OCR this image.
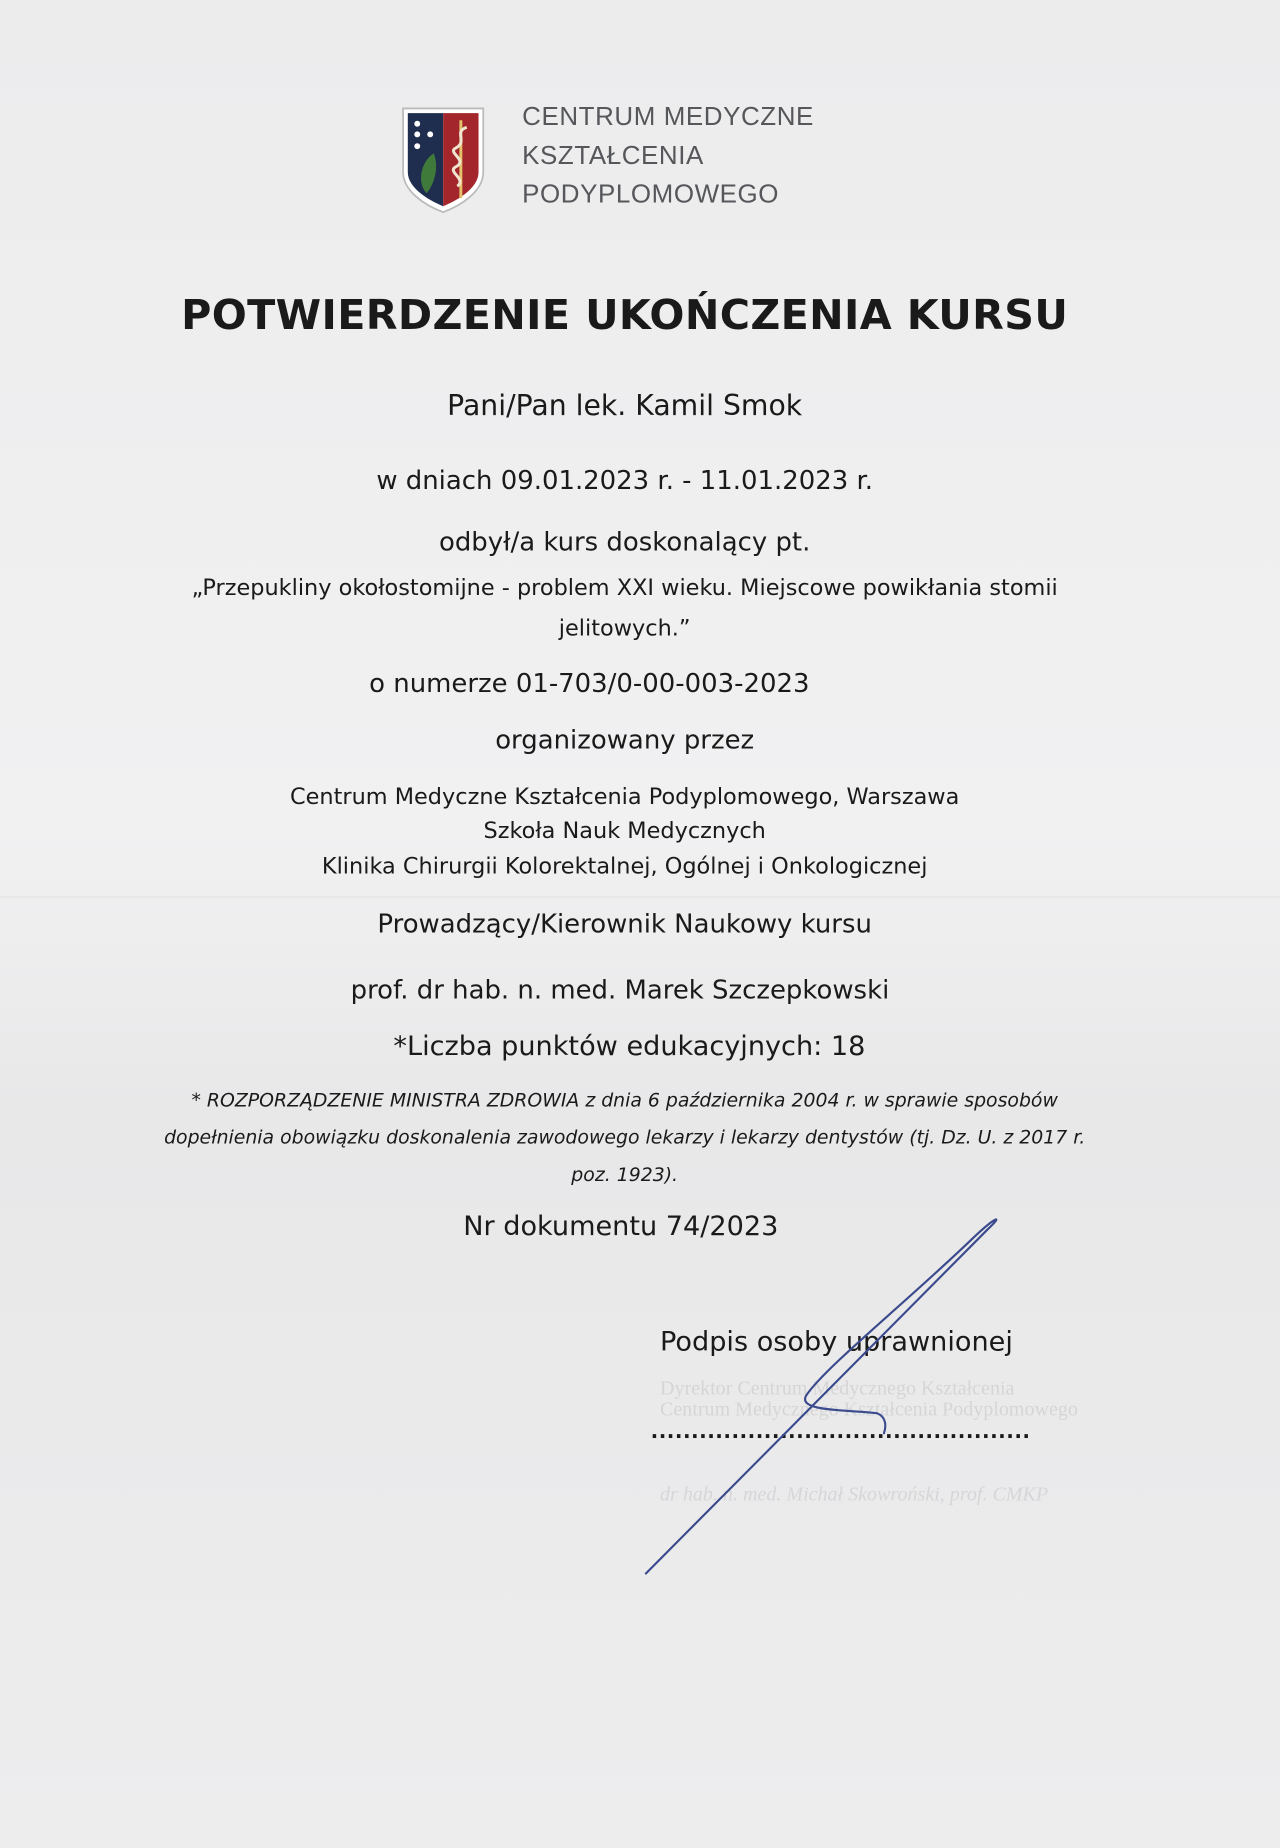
CENTRUM MEDYCZNE
KSZTAŁCENIA
PODYPLOMOWEGO
POTWIERDZENIE UKOŃCZENIA KURSU
Pani/Pan lek. Kamil Smok
w dniach 09.01.2023 r. - 11.01.2023 r.
odbył/a kurs doskonalący pt.
„Przepukliny okołostomijne - problem XXI wieku. Miejscowe powikłania stomii
jelitowych.”
o numerze 01-703/0-00-003-2023
organizowany przez
Centrum Medyczne Kształcenia Podyplomowego, Warszawa
Szkoła Nauk Medycznych
Klinika Chirurgii Kolorektalnej, Ogólnej i Onkologicznej
Prowadzący/Kierownik Naukowy kursu
prof. dr hab. n. med. Marek Szczepkowski
*Liczba punktów edukacyjnych: 18
* ROZPORZĄDZENIE MINISTRA ZDROWIA z dnia 6 października 2004 r. w sprawie sposobów
dopełnienia obowiązku doskonalenia zawodowego lekarzy i lekarzy dentystów (tj. Dz. U. z 2017 r.
poz. 1923).
Nr dokumentu 74/2023
Dyrektor Centrum Medycznego Kształcenia
Centrum Medycznego Kształcenia Podyplomowego
dr hab. n. med. Michał Skowroński, prof. CMKP
Podpis osoby uprawnionej
...............................................
